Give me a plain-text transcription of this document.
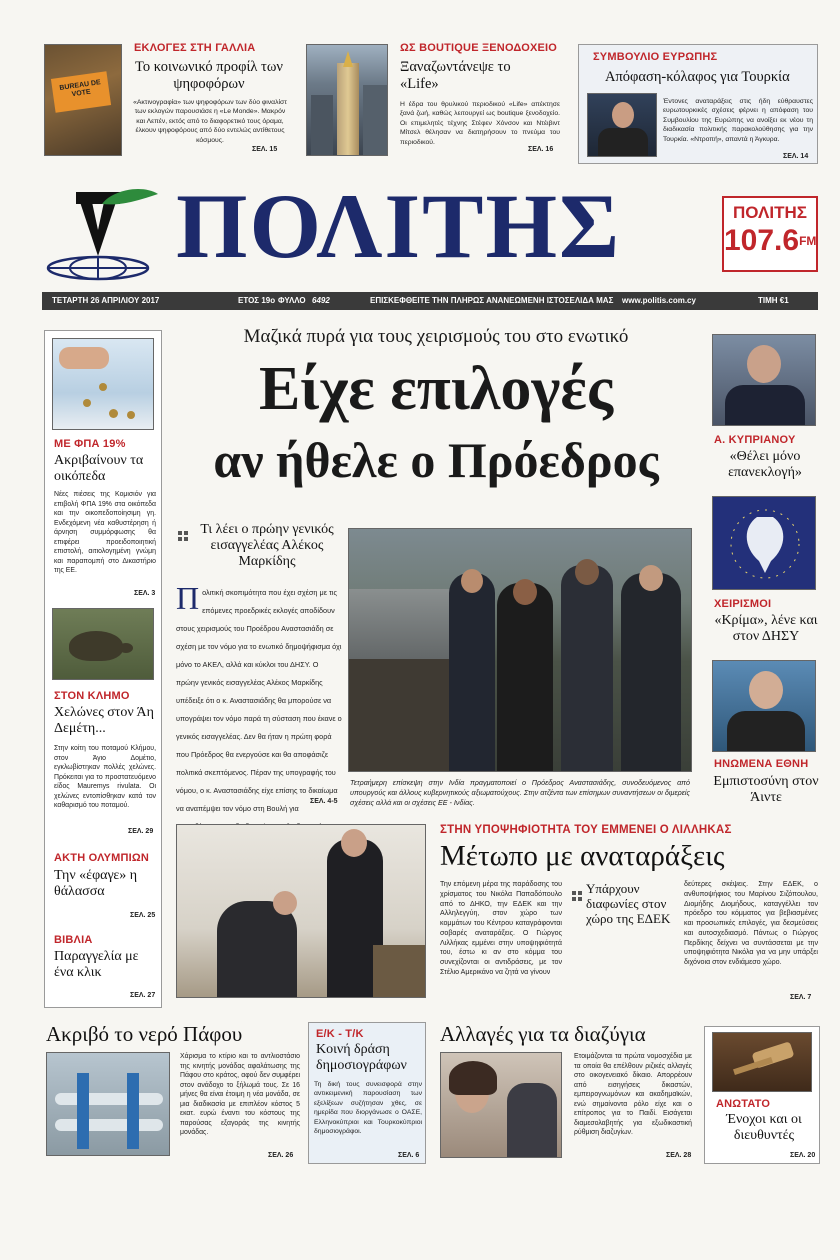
BUREAU DE VOTE
ΕΚΛΟΓΕΣ ΣΤΗ ΓΑΛΛΙΑ
Το κοινωνικό προφίλ των ψηφοφόρων
«Ακτινογραφία» των ψηφοφόρων των δύο φιναλίστ των εκλογών παρουσιάσε η «Le Monde». Μακρόν και Λεπέν, εκτός από το διαφορετικό τους όραμα, έλκουν ψηφοφόρους από δύο εντελώς αντίθετους κόσμους.
ΣΕΛ. 15
ΩΣ BOUTIQUE ΞΕΝΟΔΟΧΕΙΟ
Ξαναζωντάνεψε το «Life»
Η έδρα του θρυλικού περιοδικού «Life» απέκτησε ξανά ζωή, καθώς λειτουργεί ως boutique ξενοδοχείο. Οι επιμελητές τέχνης Στέφεν Χόνσον και Ντέιβιντ Μίτσελ θέλησαν να διατηρήσουν το πνεύμα του περιοδικού.
ΣΕΛ. 16
ΣΥΜΒΟΥΛΙΟ ΕΥΡΩΠΗΣ
Απόφαση-κόλαφος για Τουρκία
Έντονες αναταράξεις στις ήδη εύθραυστες ευρωτουρκικές σχέσεις φέρνει η απόφαση του Συμβουλίου της Ευρώπης να ανοίξει εκ νέου τη διαδικασία πολιτικής παρακολούθησης για την Τουρκία. «Ντροπή», απαντά η Άγκυρα.
ΣΕΛ. 14
ΠΟΛΙΤΗΣ	ΠΟΛΙΤΗΣ
$107.6^{FM}$
ΤΕΤΑΡΤΗ 26 ΑΠΡΙΛΙΟΥ 2017	ΕΤΟΣ 19ο ΦΥΛΛΟ 6492	ΕΠΙΣΚΕΦΘΕΙΤΕ ΤΗΝ ΠΛΗΡΩΣ ΑΝΑΝΕΩΜΕΝΗ ΙΣΤΟΣΕΛΙΔΑ ΜΑΣ www.politis.com.cy	ΤΙΜΗ €1
ΜΕ ΦΠΑ 19%
Ακριβαίνουν τα οικόπεδα
Νέες πιέσεις της Κομισιόν για επιβολή ΦΠΑ 19% στα οικόπεδα και την οικοπεδοποίησιμη γη. Ενδεχόμενη νέα καθυστέρηση ή άρνηση συμμόρφωσης θα επιφέρει προειδοποιητική επιστολή, αιτιολογημένη γνώμη και παραπομπή στο Δικαστήριο της ΕΕ.
ΣΕΛ. 3
ΣΤΟΝ ΚΛΗΜΟ
Χελώνες στον Άη Δεμέτη...
Στην κοίτη του ποταμού Κλήμου, στον Άγιο Δομέτιο, εγκλωβίστηκαν πολλές χελώνες. Πρόκειται για το προστατευόμενο είδος Mauremys rivulata. Οι χελώνες εντοπίσθηκαν κατά τον καθαρισμό του ποταμού.
ΣΕΛ. 29
ΑΚΤΗ ΟΛΥΜΠΙΩΝ
Την «έφαγε» η θάλασσα
ΣΕΛ. 25
ΒΙΒΛΙΑ
Παραγγελία με ένα κλικ
ΣΕΛ. 27
Μαζικά πυρά για τους χειρισμούς του στο ενωτικό
Είχε επιλογές
αν ήθελε ο Πρόεδρος
Τι λέει ο πρώην γενικός εισαγγελέας Αλέκος Μαρκίδης
Π ολιτική σκοπιμότητα που έχει σχέση με τις επόμενες προεδρικές εκλογές αποδίδουν στους χειρισμούς του Προέδρου Αναστασιάδη σε σχέση με τον νόμο για το ενωτικό δημοψήφισμα όχι μόνο το ΑΚΕΛ, αλλά και κύκλοι του ΔΗΣΥ. Ο πρώην γενικός εισαγγελέας Αλέκος Μαρκίδης υπέδειξε ότι ο κ. Αναστασιάδης θα μπορούσε να υπογράψει τον νόμο παρά τη σύσταση που έκανε ο γενικός εισαγγελέας. Δεν θα ήταν η πρώτη φορά που Πρόεδρος θα ενεργούσε και θα αποφάσιζε πολιτικά σκεπτόμενος. Πέραν της υπογραφής του νόμου, ο κ. Αναστασιάδης είχε επίσης το δικαίωμα να αναπέμψει τον νόμο στη Βουλή για
ΣΕΛ. 4-5
Τετραήμερη επίσκεψη στην Ινδία πραγματοποιεί ο Πρόεδρος Αναστασιάδης, συνοδευόμενος από υπουργούς και άλλους κυβερνητικούς αξιωματούχους. Στην ατζέντα των επίσημων συναντήσεων οι διμερείς σχέσεις αλλά και οι σχέσεις ΕΕ - Ινδίας.
Α. ΚΥΠΡΙΑΝΟΥ
«Θέλει μόνο επανεκλογή»
ΧΕΙΡΙΣΜΟΙ
«Κρίμα», λένε και στον ΔΗΣΥ
ΗΝΩΜΕΝΑ ΕΘΝΗ
Εμπιστοσύνη στον Άιντε
ΣΤΗΝ ΥΠΟΨΗΦΙΟΤΗΤΑ ΤΟΥ ΕΜΜΕΝΕΙ Ο ΛΙΛΛΗΚΑΣ
Μέτωπο με αναταράξεις
Την επόμενη μέρα της παράδοσης του χρίσματος του Νικόλα Παπαδόπουλο από το ΔΗΚΟ, την ΕΔΕΚ και την Αλληλεγγύη, στον χώρο των κομμάτων του Κέντρου καταγράφονται σοβαρές αναταράξεις. Ο Γιώργος Λιλλήκας εμμένει στην υποψηφιότητά του, έστω κι αν στο κόμμα του συνεχίζονται οι αντιδράσεις, με τον Στέλιο Αμερικάνο να ζητά να γίνουν
Υπάρχουν διαφωνίες στον χώρο της ΕΔΕΚ
δεύτερες σκέψεις. Στην ΕΔΕΚ, ο ανθυποψήφιος του Μαρίνου Σιζόπουλου, Διομήδης Διομήδους, καταγγέλλει τον πρόεδρο του κόμματος για βεβιασμένες και προσωπικές επιλογές, για δεσμεύσεις και αυτοσχεδιασμό. Πάντως ο Γιώργος Περδίκης δείχνει να συντάσσεται με την υποψηφιότητα Νικόλα για να μην υπάρξει διχόνοια στον ενδιάμεσο χώρο.
ΣΕΛ. 7
Ακριβό το νερό Πάφου
Χάρισμα το κτίριο και το αντλιοστάσιο της κινητής μονάδας αφαλάτωσης της Πάφου στο κράτος, αφού δεν συμφέρει στον ανάδοχο το ξήλωμά τους. Σε 16 μήνες θα είναι έτοιμη η νέα μονάδα, σε μια διαδικασία με επιπλέον κόστος 5 εκατ. ευρώ έναντι του κόστους της παρούσας εξαγοράς της κινητής μονάδας.
ΣΕΛ. 26
Ε/Κ - Τ/Κ
Κοινή δράση δημοσιογράφων
Τη δική τους συνεισφορά στην αντικειμενική παρουσίαση των εξελίξεων συζήτησαν χθες, σε ημερίδα που διοργάνωσε ο ΟΑΣΕ, Ελληνοκύπριοι και Τουρκοκύπριοι δημοσιογράφοι.
ΣΕΛ. 6
Αλλαγές για τα διαζύγια
Ετοιμάζονται τα πρώτα νομοσχέδια με τα οποία θα επέλθουν ριζικές αλλαγές στο οικογενειακό δίκαιο. Απορρέουν από εισηγήσεις δικαστών, εμπειρογνωμόνων και ακαδημαϊκών, ενώ σημαίνοντα ρόλο είχε και ο επίτροπος για το Παιδί. Εισάγεται διαμεσολαβητής για εξωδικαστική ρύθμιση διαζυγίων.
ΣΕΛ. 28
ΑΝΩΤΑΤΟ
Ένοχοι και οι διευθυντές
ΣΕΛ. 20
